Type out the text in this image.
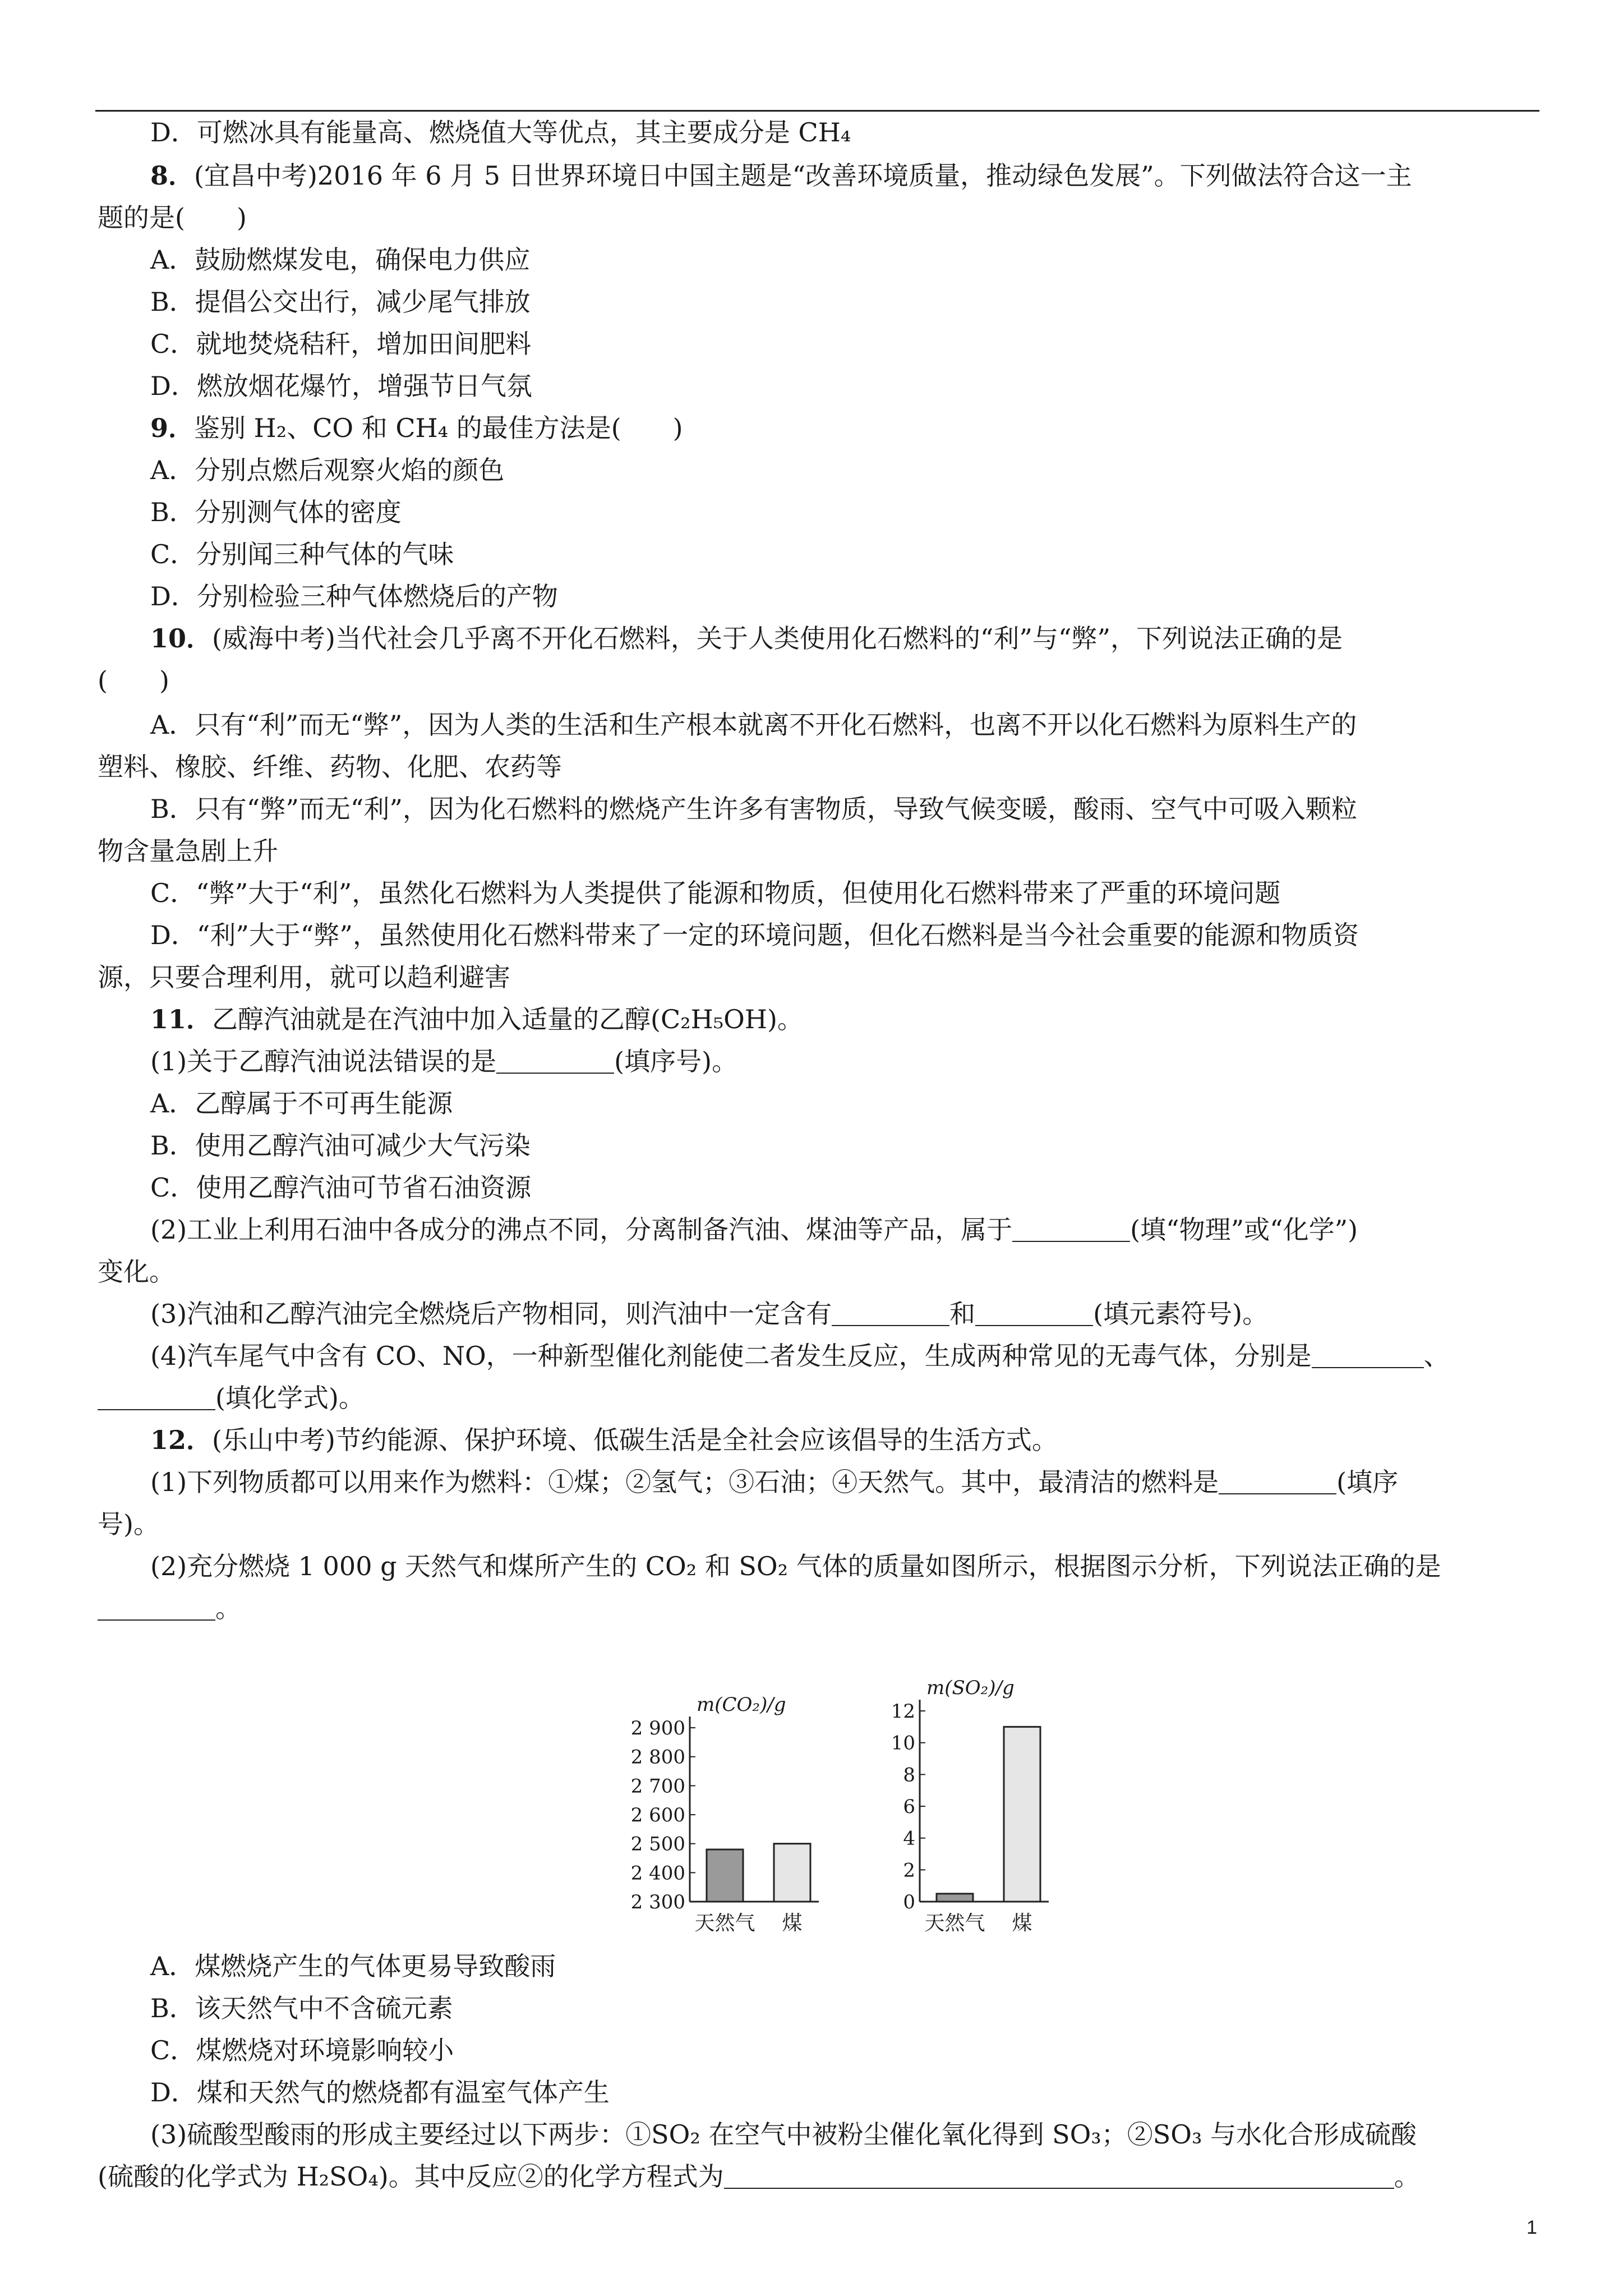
D．可燃冰具有能量高、燃烧值大等优点，其主要成分是 CH₄
8．(宜昌中考)2016 年 6 月 5 日世界环境日中国主题是“改善环境质量，推动绿色发展”。下列做法符合这一主
题的是(　　)
A．鼓励燃煤发电，确保电力供应
B．提倡公交出行，减少尾气排放
C．就地焚烧秸秆，增加田间肥料
D．燃放烟花爆竹，增强节日气氛
9．鉴别 H₂、CO 和 CH₄ 的最佳方法是(　　)
A．分别点燃后观察火焰的颜色
B．分别测气体的密度
C．分别闻三种气体的气味
D．分别检验三种气体燃烧后的产物
10．(威海中考)当代社会几乎离不开化石燃料，关于人类使用化石燃料的“利”与“弊”，下列说法正确的是
(　　)
A．只有“利”而无“弊”，因为人类的生活和生产根本就离不开化石燃料，也离不开以化石燃料为原料生产的
塑料、橡胶、纤维、药物、化肥、农药等
B．只有“弊”而无“利”，因为化石燃料的燃烧产生许多有害物质，导致气候变暖，酸雨、空气中可吸入颗粒
物含量急剧上升
C．“弊”大于“利”，虽然化石燃料为人类提供了能源和物质，但使用化石燃料带来了严重的环境问题
D．“利”大于“弊”，虽然使用化石燃料带来了一定的环境问题，但化石燃料是当今社会重要的能源和物质资
源，只要合理利用，就可以趋利避害
11．乙醇汽油就是在汽油中加入适量的乙醇(C₂H₅OH)。
(1)关于乙醇汽油说法错误的是	(填序号)。
A．乙醇属于不可再生能源
B．使用乙醇汽油可减少大气污染
C．使用乙醇汽油可节省石油资源
(2)工业上利用石油中各成分的沸点不同，分离制备汽油、煤油等产品，属于	(填“物理”或“化学”)
变化。
(3)汽油和乙醇汽油完全燃烧后产物相同，则汽油中一定含有	和	(填元素符号)。
(4)汽车尾气中含有 CO、NO，一种新型催化剂能使二者发生反应，生成两种常见的无毒气体，分别是	、
(填化学式)。
12．(乐山中考)节约能源、保护环境、低碳生活是全社会应该倡导的生活方式。
(1)下列物质都可以用来作为燃料：①煤；②氢气；③石油；④天然气。其中，最清洁的燃料是	(填序
号)。
(2)充分燃烧 1 000 g 天然气和煤所产生的 CO₂ 和 SO₂ 气体的质量如图所示，根据图示分析，下列说法正确的是
。
2 300
2 400
2 500
2 600
2 700
2 800
2 900
m(CO₂)/g
天然气 煤
0
2
4
6
8
10
12
m(SO₂)/g
天然气 煤
A．煤燃烧产生的气体更易导致酸雨
B．该天然气中不含硫元素
C．煤燃烧对环境影响较小
D．煤和天然气的燃烧都有温室气体产生
(3)硫酸型酸雨的形成主要经过以下两步：①SO₂ 在空气中被粉尘催化氧化得到 SO₃；②SO₃ 与水化合形成硫酸
(硫酸的化学式为 H₂SO₄)。其中反应②的化学方程式为	。
1
